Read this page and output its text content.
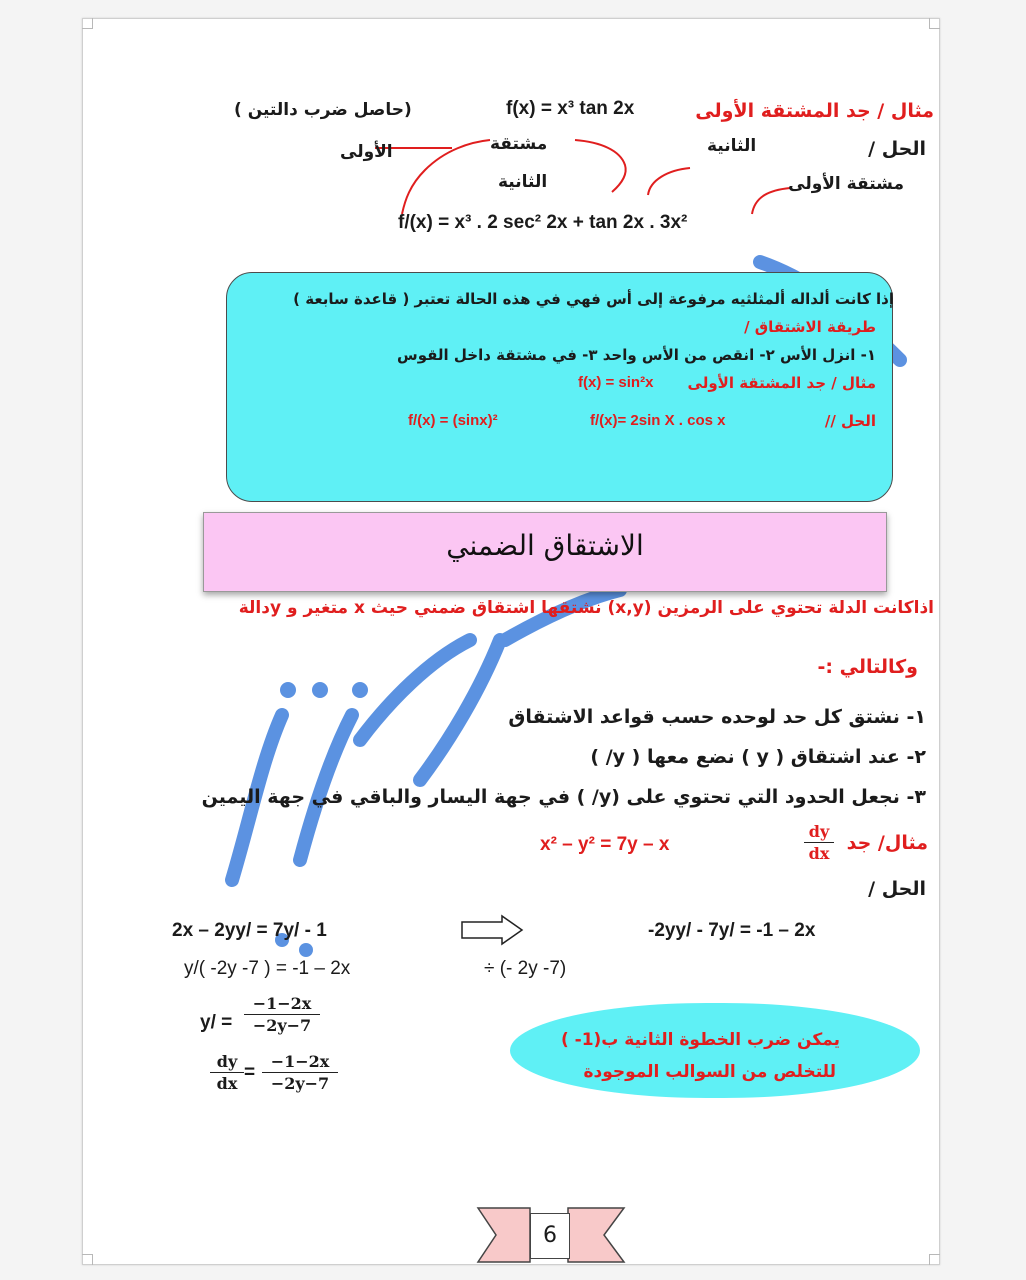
مثال / جد المشتقة الأولى
f(x) = x³ tan 2x
(حاصل ضرب دالتين )
الأولى	مشتقة	الثانية	الحل /
الثانية	مشتقة الأولى
f/(x) = x³ . 2 sec² 2x + tan 2x . 3x²
إذا كانت ألداله ألمثلثيه مرفوعة إلى أس فهي في هذه الحالة تعتبر ( قاعدة سابعة )
طريقة الاشتقاق /
١- انزل الأس ٢- انقص من الأس واحد ٣- في مشتقة داخل القوس
مثال / جد المشتقة الأولى
f(x) = sin²x
الحل //
f/(x) = (sinx)²	f/(x)= 2sin X . cos x
الاشتقاق الضمني
اذاكانت الدلة تحتوي على الرمزين (x,y) نشتقها اشتقاق ضمني حيث x متغير و yدالة
وكالتالي :-
١- نشتق كل حد لوحده حسب قواعد الاشتقاق
٢- عند اشتقاق ( y ) نضع معها ( y/ )
٣- نجعل الحدود التي تحتوي على (y/ ) في جهة اليسار والباقي في جهة اليمين
مثال/ جد
dy
dx
x² – y² = 7y – x
الحل /
-2yy/ - 7y/ = -1 – 2x
2x – 2yy/ = 7y/ - 1
÷ (- 2y -7)
y/( -2y -7 ) = -1 – 2x
y/ =
−1−2x
−2y−7
dy
dx
=
−1−2x
−2y−7
يمكن ضرب الخطوة الثانية ب(1- )
للتخلص من السوالب الموجودة
6
